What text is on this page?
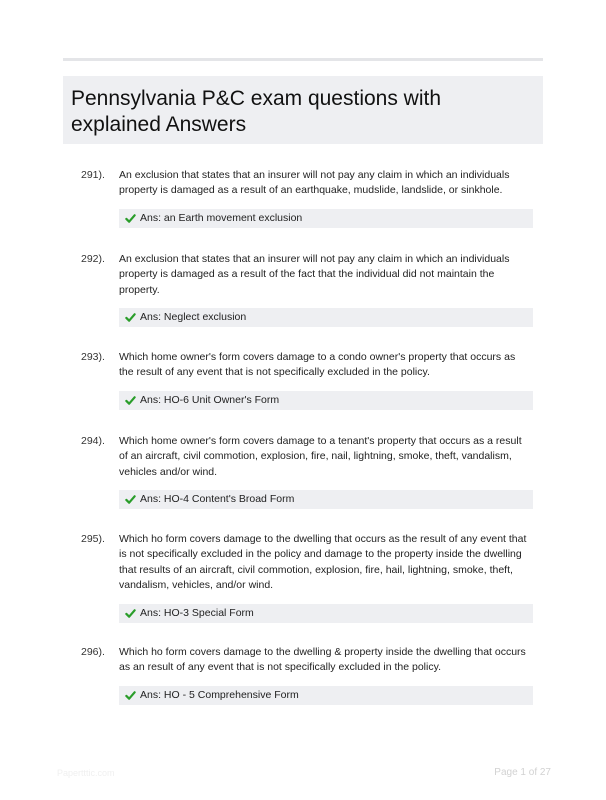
Pennsylvania P&C exam questions with
explained Answers
291). An exclusion that states that an insurer will not pay any claim in which an individuals
property is damaged as a result of an earthquake, mudslide, landslide, or sinkhole.
Ans: an Earth movement exclusion
292). An exclusion that states that an insurer will not pay any claim in which an individuals
property is damaged as a result of the fact that the individual did not maintain the
property.
Ans: Neglect exclusion
293). Which home owner's form covers damage to a condo owner's property that occurs as
the result of any event that is not specifically excluded in the policy.
Ans: HO-6 Unit Owner's Form
294). Which home owner's form covers damage to a tenant's property that occurs as a result
of an aircraft, civil commotion, explosion, fire, nail, lightning, smoke, theft, vandalism,
vehicles and/or wind.
Ans: HO-4 Content's Broad Form
295). Which ho form covers damage to the dwelling that occurs as the result of any event that
is not specifically excluded in the policy and damage to the property inside the dwelling
that results of an aircraft, civil commotion, explosion, fire, hail, lightning, smoke, theft,
vandalism, vehicles, and/or wind.
Ans: HO-3 Special Form
296). Which ho form covers damage to the dwelling & property inside the dwelling that occurs
as an result of any event that is not specifically excluded in the policy.
Ans: HO - 5 Comprehensive Form
Papertttic.com	Page 1 of 27
